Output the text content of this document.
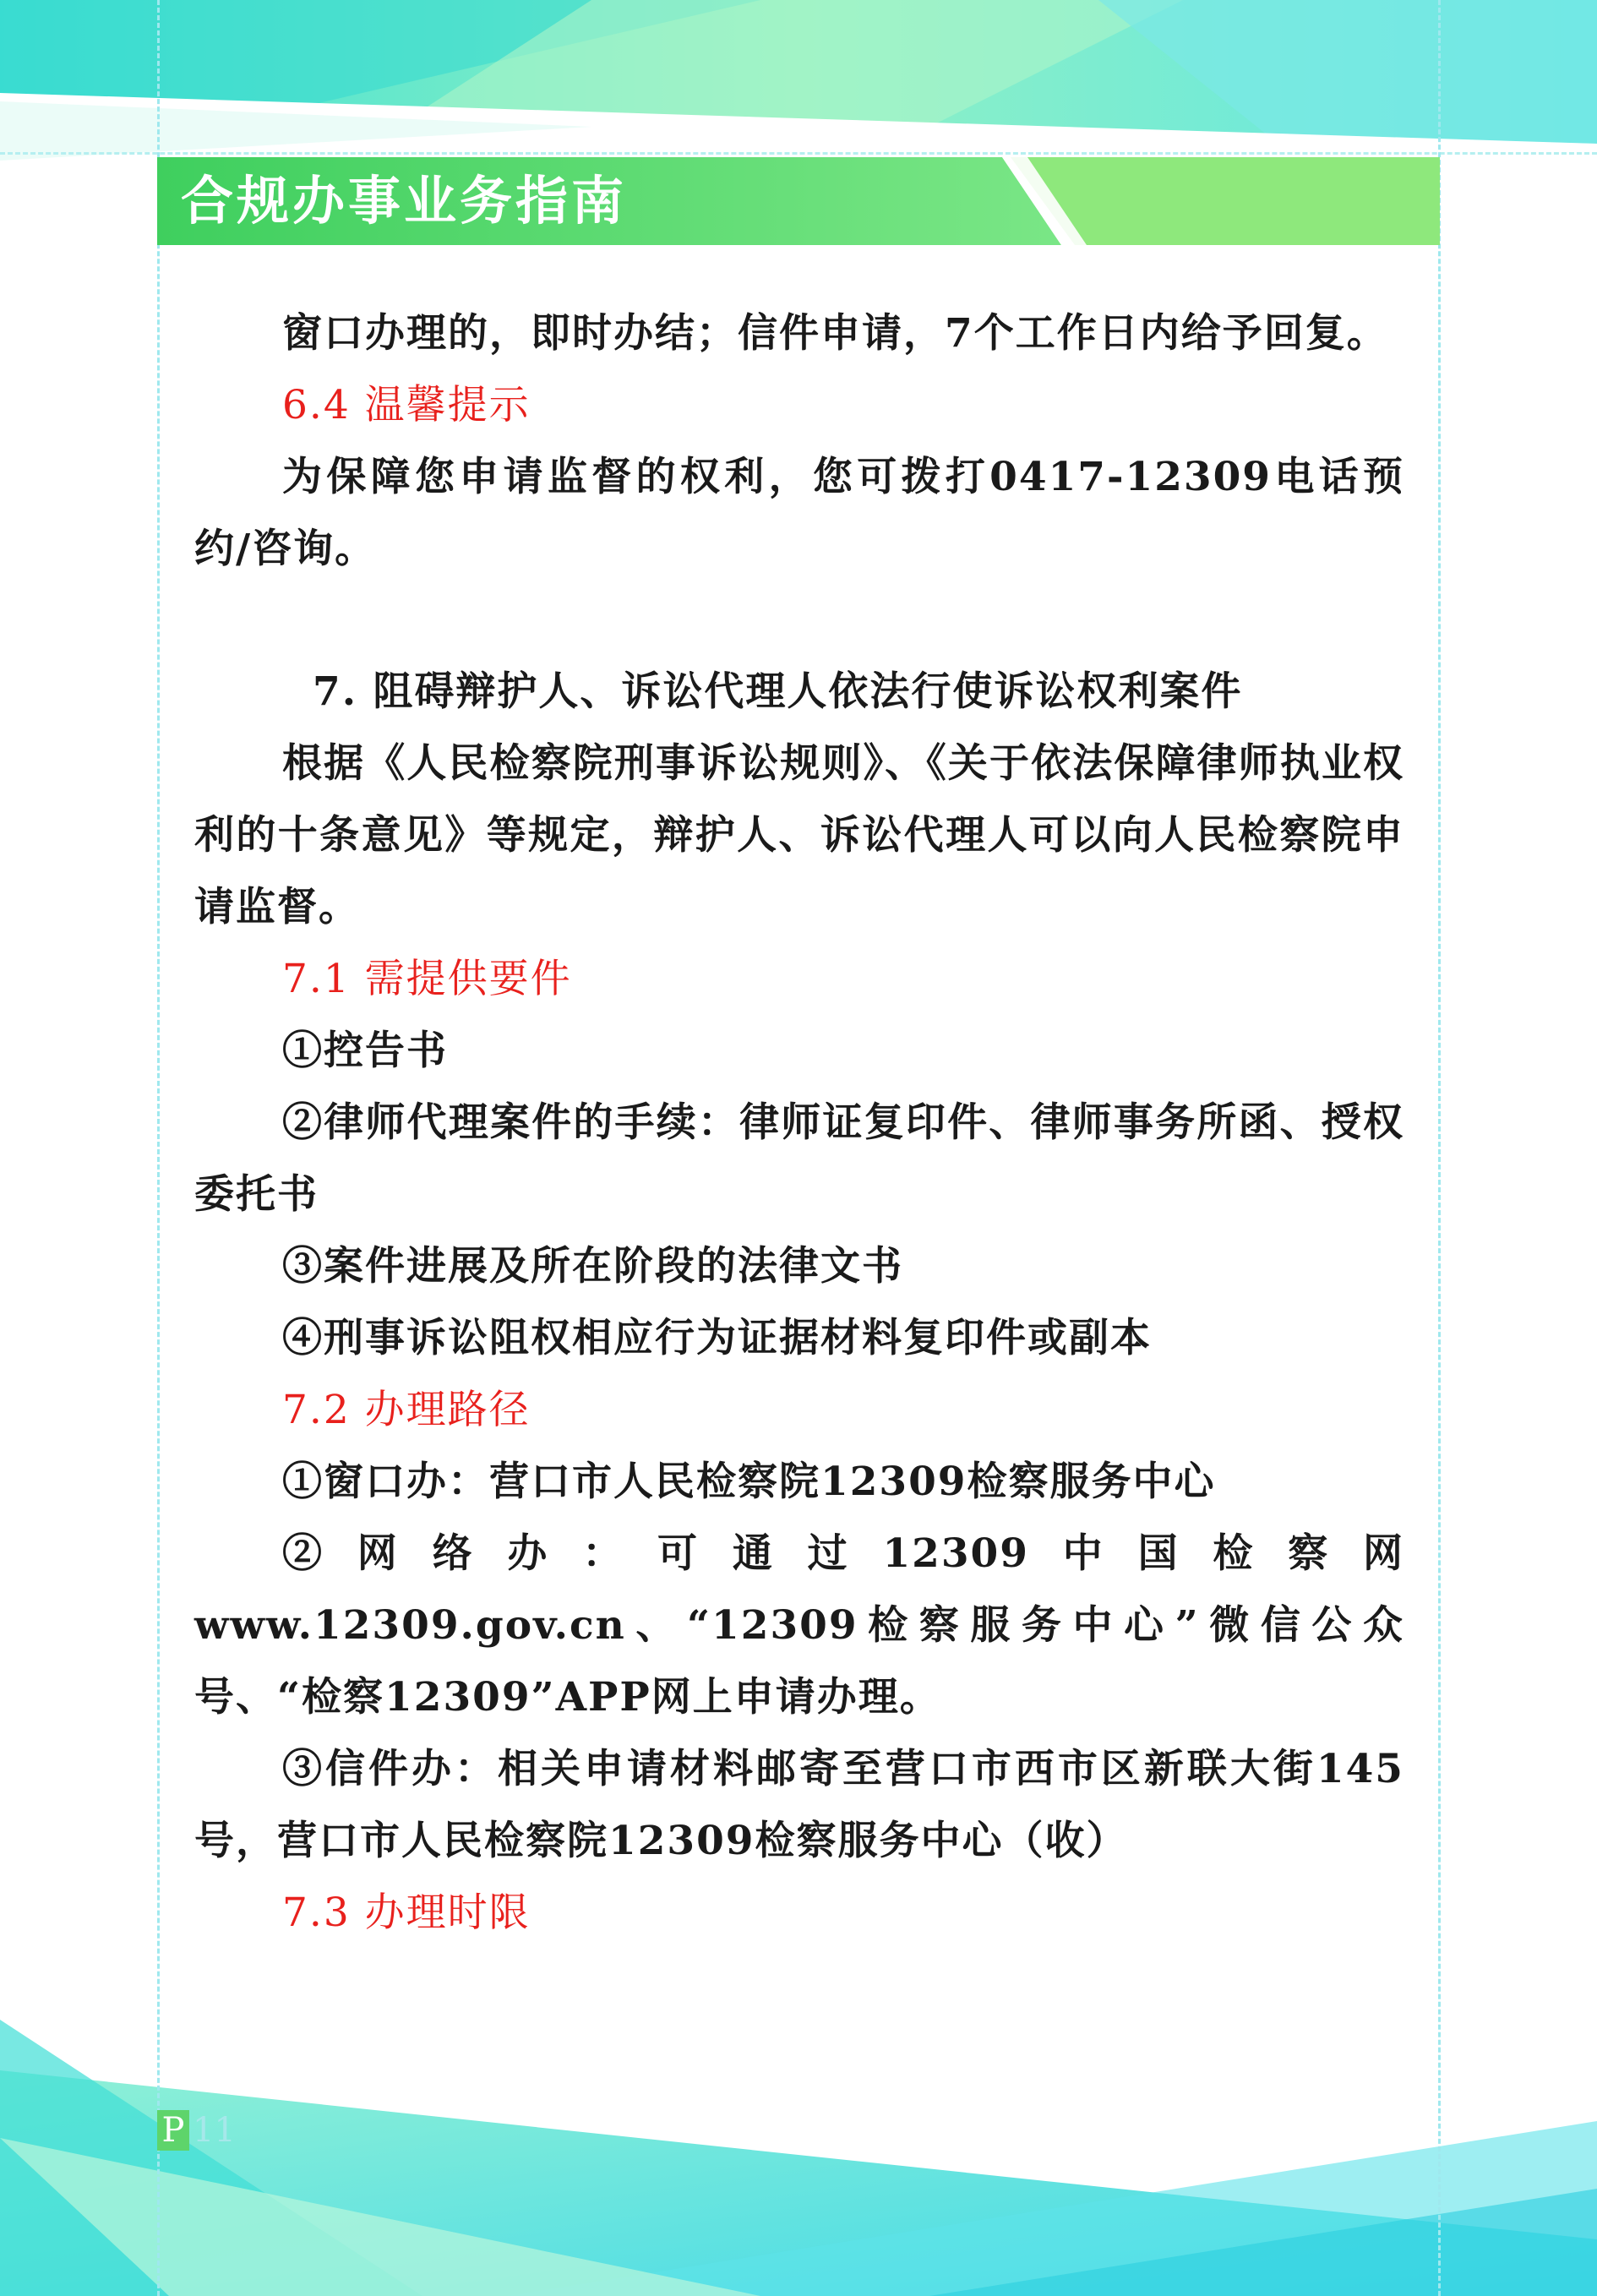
合规办事业务指南

窗口办理的，即时办结；信件申请，7个工作日内给予回复。

6.4 温馨提示

为保障您申请监督的权利，您可拨打0417-12309电话预约/咨询。

7. 阻碍辩护人、诉讼代理人依法行使诉讼权利案件

根据《人民检察院刑事诉讼规则》、《关于依法保障律师执业权利的十条意见》等规定，辩护人、诉讼代理人可以向人民检察院申请监督。

7.1 需提供要件

①控告书

②律师代理案件的手续：律师证复印件、律师事务所函、授权委托书

③案件进展及所在阶段的法律文书

④刑事诉讼阻权相应行为证据材料复印件或副本

7.2 办理路径

①窗口办：营口市人民检察院12309检察服务中心

②网络办：可通过12309中国检察网www.12309.gov.cn、“12309检察服务中心”微信公众号、“检察12309”APP网上申请办理。

③信件办：相关申请材料邮寄至营口市西市区新联大街145号，营口市人民检察院12309检察服务中心（收）

7.3 办理时限

P 11
